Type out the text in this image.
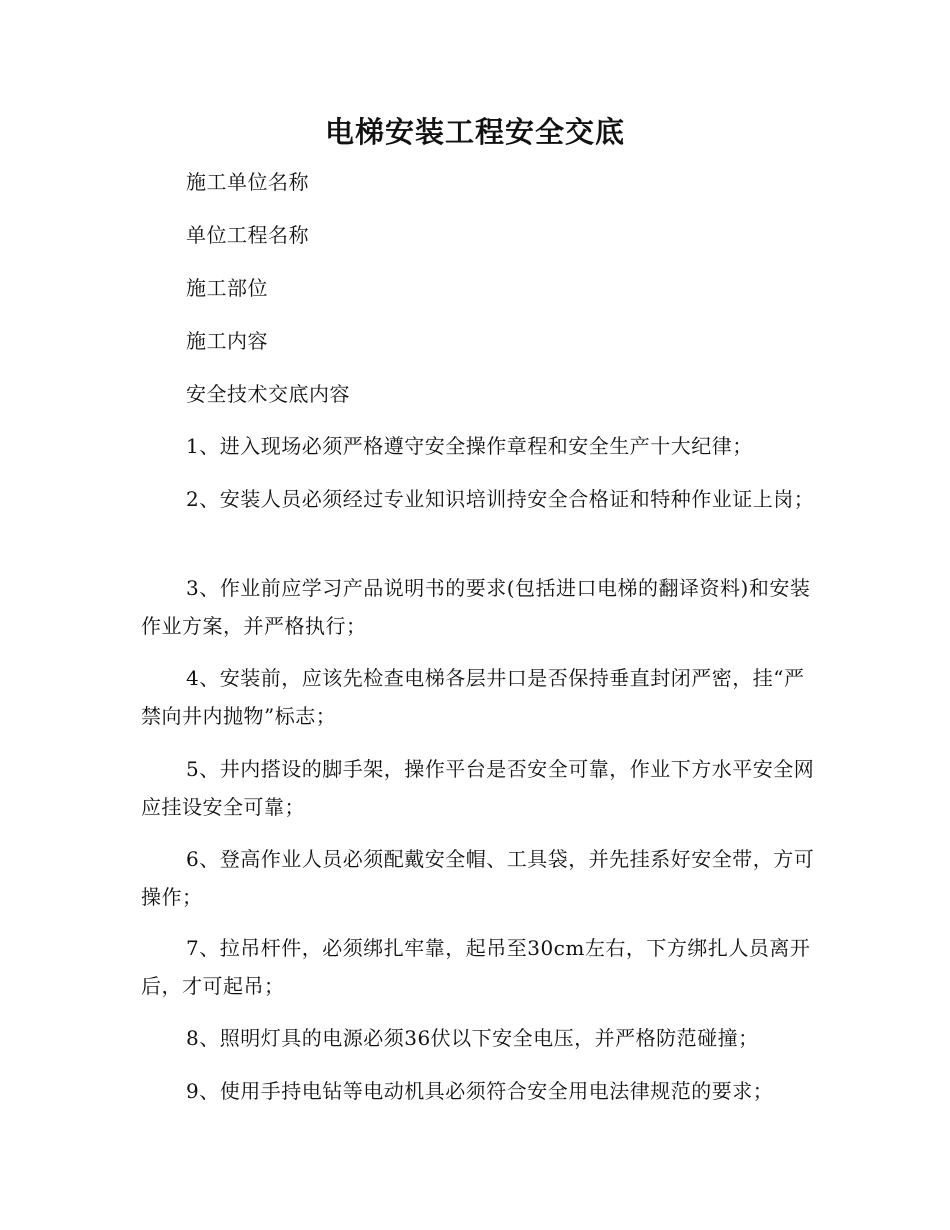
电梯安装工程安全交底
施工单位名称
单位工程名称
施工部位
施工内容
安全技术交底内容
1、进入现场必须严格遵守安全操作章程和安全生产十大纪律；
2、安装人员必须经过专业知识培训持安全合格证和特种作业证上岗；
3、作业前应学习产品说明书的要求(包括进口电梯的翻译资料)和安装作业方案，并严格执行；
4、安装前，应该先检查电梯各层井口是否保持垂直封闭严密，挂“严禁向井内抛物”标志；
5、井内搭设的脚手架，操作平台是否安全可靠，作业下方水平安全网应挂设安全可靠；
6、登高作业人员必须配戴安全帽、工具袋，并先挂系好安全带，方可操作；
7、拉吊杆件，必须绑扎牢靠，起吊至30cm左右，下方绑扎人员离开后，才可起吊；
8、照明灯具的电源必须36伏以下安全电压，并严格防范碰撞；
9、使用手持电钻等电动机具必须符合安全用电法律规范的要求；
